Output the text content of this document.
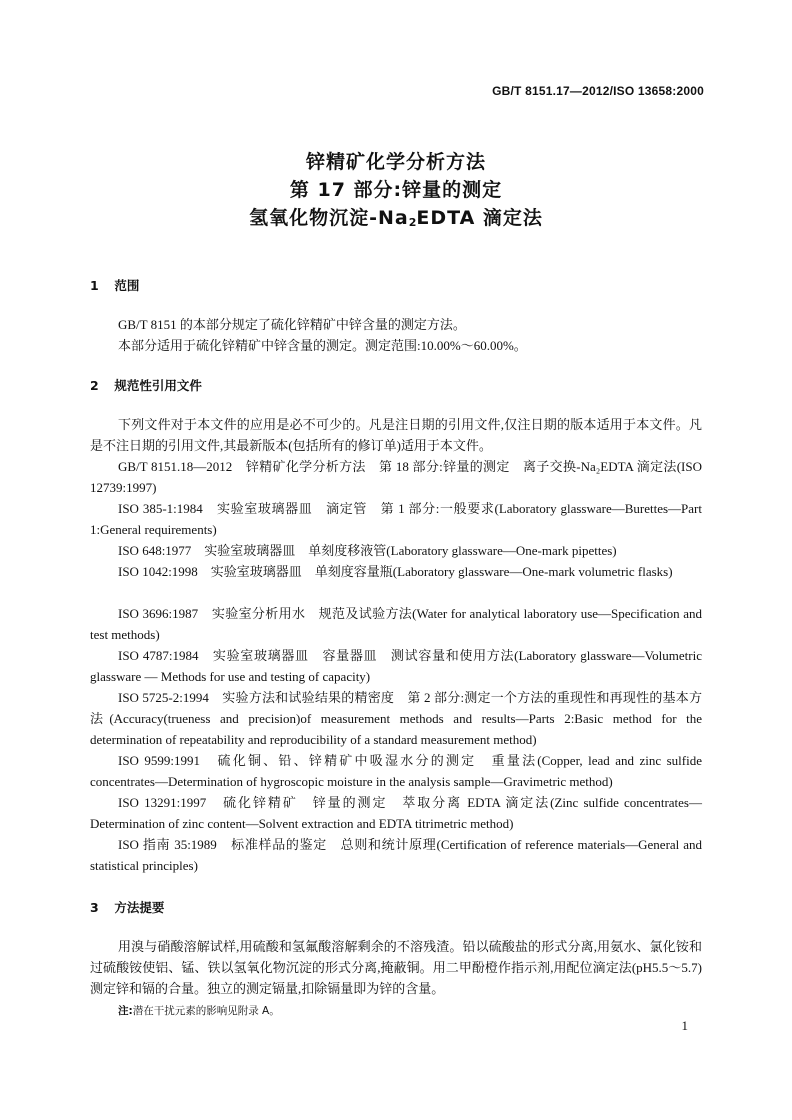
GB/T 8151.17—2012/ISO 13658:2000
锌精矿化学分析方法
第 17 部分:锌量的测定
氢氧化物沉淀$-Na_2EDTA$ 滴定法
1 范围

GB/T 8151 的本部分规定了硫化锌精矿中锌含量的测定方法。

本部分适用于硫化锌精矿中锌含量的测定。测定范围:10.00%～60.00%。

2 规范性引用文件

下列文件对于本文件的应用是必不可少的。凡是注日期的引用文件,仅注日期的版本适用于本文件。凡是不注日期的引用文件,其最新版本(包括所有的修订单)适用于本文件。

GB/T 8151.18—2012　锌精矿化学分析方法　第 18 部分:锌量的测定　离子交换-Na₂EDTA 滴定法(ISO 12739:1997)

ISO 385-1:1984　实验室玻璃器皿　滴定管　第 1 部分:一般要求(Laboratory glassware—Burettes—Part 1:General requirements)

ISO 648:1977　实验室玻璃器皿　单刻度移液管(Laboratory glassware—One-mark pipettes)

ISO 1042:1998　实验室玻璃器皿　单刻度容量瓶(Laboratory glassware—One-mark volumetric flasks)

ISO 3696:1987　实验室分析用水　规范及试验方法(Water for analytical laboratory use—Specification and test methods)

ISO 4787:1984　实验室玻璃器皿　容量器皿　测试容量和使用方法(Laboratory glassware—Volumetric glassware — Methods for use and testing of capacity)

ISO 5725-2:1994　实验方法和试验结果的精密度　第 2 部分:测定一个方法的重现性和再现性的基本方法(Accuracy(trueness and precision)of measurement methods and results—Parts 2:Basic method for the determination of repeatability and reproducibility of a standard measurement method)

ISO 9599:1991　硫化铜、铅、锌精矿中吸湿水分的测定　重量法(Copper, lead and zinc sulfide concentrates—Determination of hygroscopic moisture in the analysis sample—Gravimetric method)

ISO 13291:1997　硫化锌精矿　锌量的测定　萃取分离 EDTA 滴定法(Zinc sulfide concentrates—Determination of zinc content—Solvent extraction and EDTA titrimetric method)

ISO 指南 35:1989　标准样品的鉴定　总则和统计原理(Certification of reference materials—General and statistical principles)

3 方法提要

用溴与硝酸溶解试样,用硫酸和氢氟酸溶解剩余的不溶残渣。铅以硫酸盐的形式分离,用氨水、氯化铵和过硫酸铵使铝、锰、铁以氢氧化物沉淀的形式分离,掩蔽铜。用二甲酚橙作指示剂,用配位滴定法(pH5.5～5.7)测定锌和镉的合量。独立的测定镉量,扣除镉量即为锌的含量。

注:潜在干扰元素的影响见附录 A。
1
